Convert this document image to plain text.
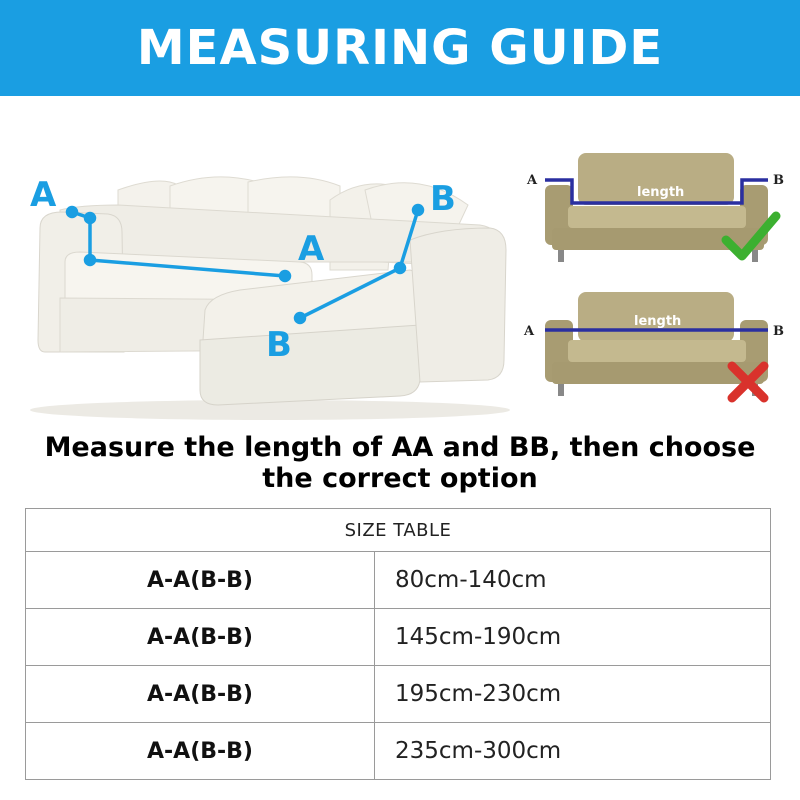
MEASURING GUIDE
A	B
A
B
A	B
length
A	B
length
Measure the length of AA and BB, then choose
the correct option
SIZE TABLE
A-A(B-B)	80cm-140cm
A-A(B-B)	145cm-190cm
A-A(B-B)	195cm-230cm
A-A(B-B)	235cm-300cm
